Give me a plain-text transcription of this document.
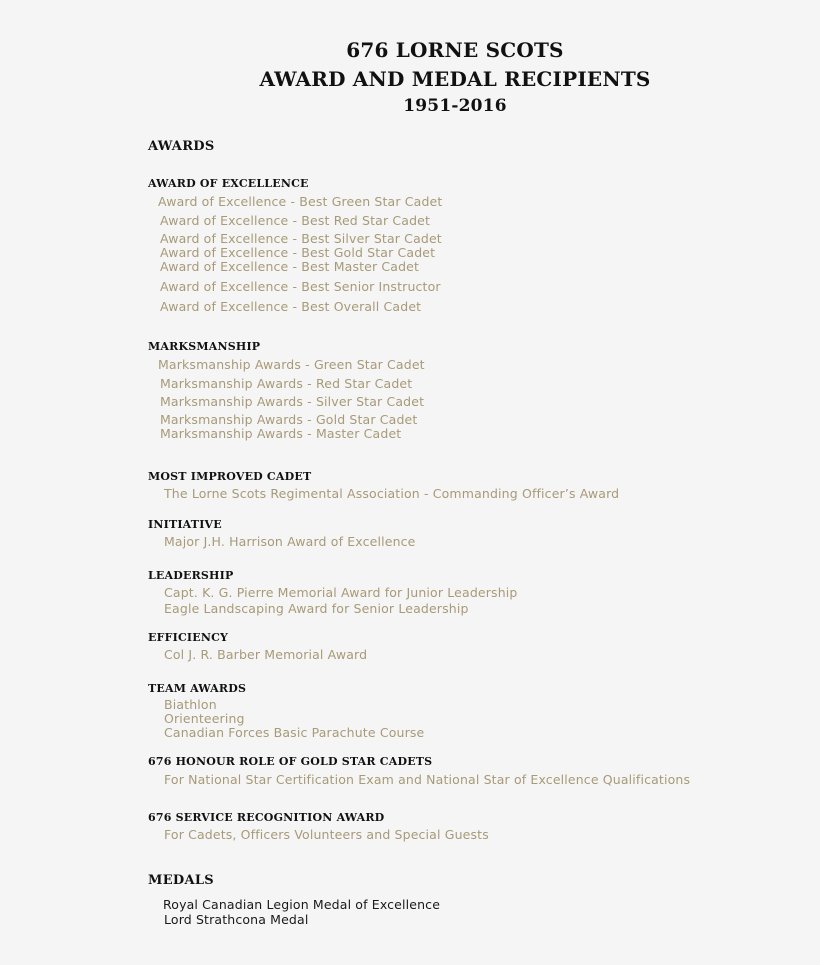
676 LORNE SCOTS
AWARD AND MEDAL RECIPIENTS
1951-2016
AWARDS
AWARD OF EXCELLENCE
Award of Excellence - Best Green Star Cadet
Award of Excellence - Best Red Star Cadet
Award of Excellence - Best Silver Star Cadet
Award of Excellence - Best Gold Star Cadet
Award of Excellence - Best Master Cadet
Award of Excellence - Best Senior Instructor
Award of Excellence - Best Overall Cadet
MARKSMANSHIP
Marksmanship Awards - Green Star Cadet
Marksmanship Awards - Red Star Cadet
Marksmanship Awards - Silver Star Cadet
Marksmanship Awards - Gold Star Cadet
Marksmanship Awards - Master Cadet
MOST IMPROVED CADET
The Lorne Scots Regimental Association - Commanding Officer’s Award
INITIATIVE
Major J.H. Harrison Award of Excellence
LEADERSHIP
Capt. K. G. Pierre Memorial Award for Junior Leadership
Eagle Landscaping Award for Senior Leadership
EFFICIENCY
Col J. R. Barber Memorial Award
TEAM AWARDS
Biathlon
Orienteering
Canadian Forces Basic Parachute Course
676 HONOUR ROLE OF GOLD STAR CADETS
For National Star Certification Exam and National Star of Excellence Qualifications
676 SERVICE RECOGNITION AWARD
For Cadets, Officers Volunteers and Special Guests
MEDALS
Royal Canadian Legion Medal of Excellence
Lord Strathcona Medal
